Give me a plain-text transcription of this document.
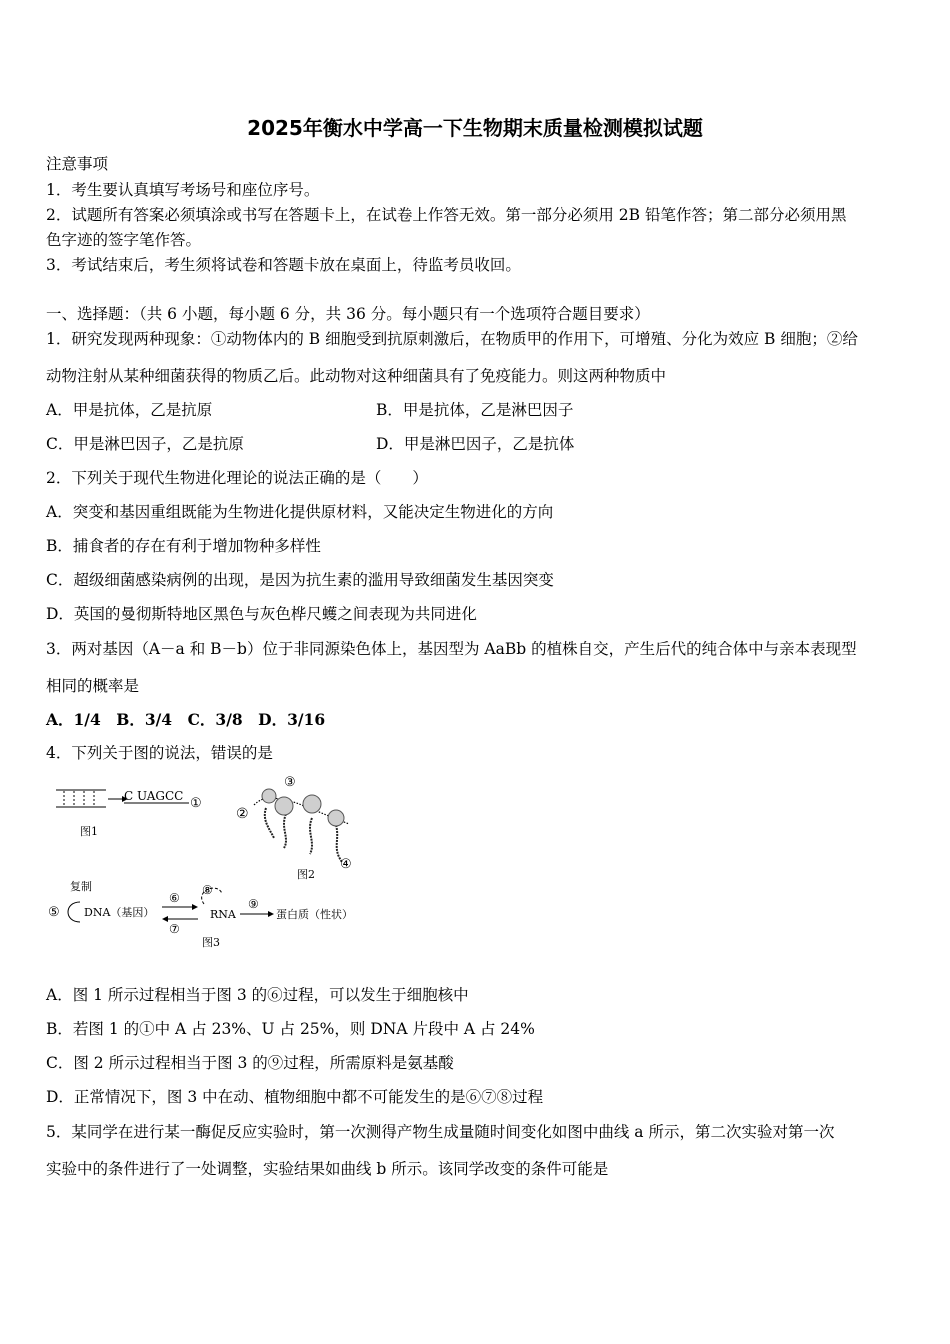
2025年衡水中学高一下生物期末质量检测模拟试题
注意事项
1．考生要认真填写考场号和座位序号。
2．试题所有答案必须填涂或书写在答题卡上，在试卷上作答无效。第一部分必须用 2B 铅笔作答；第二部分必须用黑
色字迹的签字笔作答。
3．考试结束后，考生须将试卷和答题卡放在桌面上，待监考员收回。
一、选择题：（共 6 小题，每小题 6 分，共 36 分。每小题只有一个选项符合题目要求）
1．研究发现两种现象：①动物体内的 B 细胞受到抗原刺激后，在物质甲的作用下，可增殖、分化为效应 B 细胞；②给
动物注射从某种细菌获得的物质乙后。此动物对这种细菌具有了免疫能力。则这两种物质中
A．甲是抗体，乙是抗原	B．甲是抗体，乙是淋巴因子
C．甲是淋巴因子，乙是抗原	D．甲是淋巴因子，乙是抗体
2．下列关于现代生物进化理论的说法正确的是（　　）
A．突变和基因重组既能为生物进化提供原材料，又能决定生物进化的方向
B．捕食者的存在有利于增加物种多样性
C．超级细菌感染病例的出现，是因为抗生素的滥用导致细菌发生基因突变
D．英国的曼彻斯特地区黑色与灰色桦尺蠖之间表现为共同进化
3．两对基因（A－a 和 B－b）位于非同源染色体上，基因型为 AaBb 的植株自交，产生后代的纯合体中与亲本表现型
相同的概率是
A．1/4　B．3/4　C．3/8　D．3/16
4．下列关于图的说法，错误的是
C UAGCC ①
图1
②
③
④
图2
复制
⑤ DNA（基因）
⑥
⑦
⑧
RNA
⑨
蛋白质（性状）
图3
A．图 1 所示过程相当于图 3 的⑥过程，可以发生于细胞核中
B．若图 1 的①中 A 占 23%、U 占 25%，则 DNA 片段中 A 占 24%
C．图 2 所示过程相当于图 3 的⑨过程，所需原料是氨基酸
D．正常情况下，图 3 中在动、植物细胞中都不可能发生的是⑥⑦⑧过程
5．某同学在进行某一酶促反应实验时，第一次测得产物生成量随时间变化如图中曲线 a 所示，第二次实验对第一次
实验中的条件进行了一处调整，实验结果如曲线 b 所示。该同学改变的条件可能是
